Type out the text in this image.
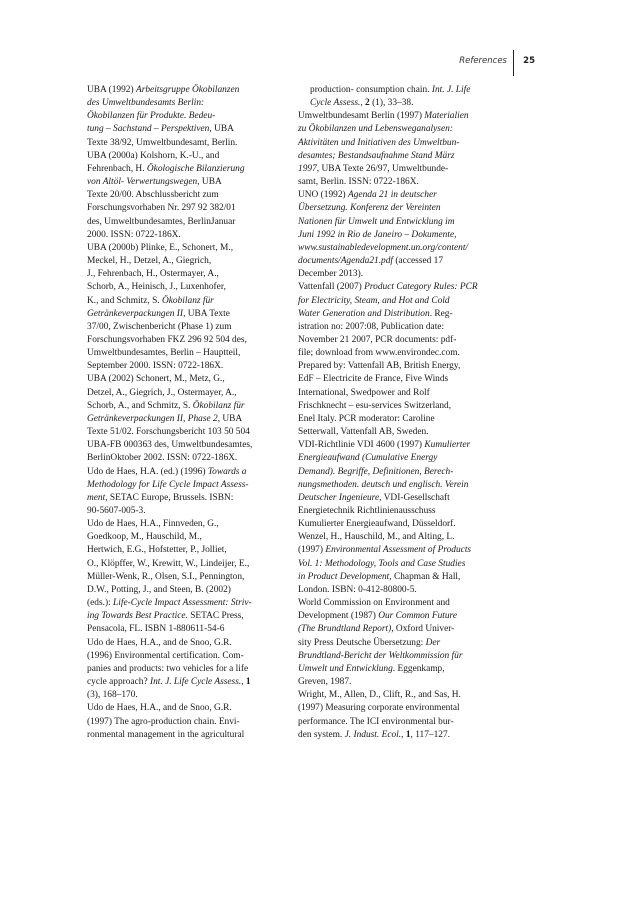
References 25

UBA (1992) Arbeitsgruppe Ökobilanzen
des Umweltbundesamts Berlin:
Ökobilanzen für Produkte. Bedeu-
tung – Sachstand – Perspektiven, UBA
Texte 38/92, Umweltbundesamt, Berlin.

UBA (2000a) Kolshorn, K.-U., and
Fehrenbach, H. Ökologische Bilanzierung
von Altöl- Verwertungswegen, UBA
Texte 20/00. Abschlussbericht zum
Forschungsvorhaben Nr. 297 92 382/01
des, Umweltbundesamtes, BerlinJanuar
2000. ISSN: 0722-186X.

UBA (2000b) Plinke, E., Schonert, M.,
Meckel, H., Detzel, A., Giegrich,
J., Fehrenbach, H., Ostermayer, A.,
Schorb, A., Heinisch, J., Luxenhofer,
K., and Schmitz, S. Ökobilanz für
Getränkeverpackungen II, UBA Texte
37/00, Zwischenbericht (Phase 1) zum
Forschungsvorhaben FKZ 296 92 504 des,
Umweltbundesamtes, Berlin – Hauptteil,
September 2000. ISSN: 0722-186X.

UBA (2002) Schonert, M., Metz, G.,
Detzel, A., Giegrich, J., Ostermayer, A.,
Schorb, A., and Schmitz, S. Ökobilanz für
Getränkeverpackungen II, Phase 2, UBA
Texte 51/02. Forschungsbericht 103 50 504
UBA-FB 000363 des, Umweltbundesamtes,
BerlinOktober 2002. ISSN: 0722-186X.

Udo de Haes, H.A. (ed.) (1996) Towards a
Methodology for Life Cycle Impact Assess-
ment, SETAC Europe, Brussels. ISBN:
90-5607-005-3.

Udo de Haes, H.A., Finnveden, G.,
Goedkoop, M., Hauschild, M.,
Hertwich, E.G., Hofstetter, P., Jolliet,
O., Klöpffer, W., Krewitt, W., Lindeijer, E.,
Müller-Wenk, R., Olsen, S.I., Pennington,
D.W., Potting, J., and Steen, B. (2002)
(eds.): Life-Cycle Impact Assessment: Striv-
ing Towards Best Practice. SETAC Press,
Pensacola, FL. ISBN 1-880611-54-6

Udo de Haes, H.A., and de Snoo, G.R.
(1996) Environmental certification. Com-
panies and products: two vehicles for a life
cycle approach? Int. J. Life Cycle Assess., 1
(3), 168–170.

Udo de Haes, H.A., and de Snoo, G.R.
(1997) The agro-production chain. Envi-
ronmental management in the agricultural

production- consumption chain. Int. J. Life
Cycle Assess., 2 (1), 33–38.

Umweltbundesamt Berlin (1997) Materialien
zu Ökobilanzen und Lebensweganalysen:
Aktivitäten und Initiativen des Umweltbun-
desamtes; Bestandsaufnahme Stand März
1997, UBA Texte 26/97, Umweltbunde-
samt, Berlin. ISSN: 0722-186X.

UNO (1992) Agenda 21 in deutscher
Übersetzung. Konferenz der Vereinten
Nationen für Umwelt und Entwicklung im
Juni 1992 in Rio de Janeiro – Dokumente,
www.sustainabledevelopment.un.org/content/
documents/Agenda21.pdf (accessed 17
December 2013).

Vattenfall (2007) Product Category Rules: PCR
for Electricity, Steam, and Hot and Cold
Water Generation and Distribution. Reg-
istration no: 2007:08, Publication date:
November 21 2007, PCR documents: pdf-
file; download from www.environdec.com.
Prepared by: Vattenfall AB, British Energy,
EdF – Electricite de France, Five Winds
International, Swedpower and Rolf
Frischknecht – esu-services Switzerland,
Enel Italy. PCR moderator: Caroline
Setterwall, Vattenfall AB, Sweden.

VDI-Richtlinie VDI 4600 (1997) Kumulierter
Energieaufwand (Cumulative Energy
Demand). Begriffe, Definitionen, Berech-
nungsmethoden. deutsch und englisch. Verein
Deutscher Ingenieure, VDI-Gesellschaft
Energietechnik Richtlinienausschuss
Kumulierter Energieaufwand, Düsseldorf.

Wenzel, H., Hauschild, M., and Alting, L.
(1997) Environmental Assessment of Products
Vol. 1: Methodology, Tools and Case Studies
in Product Development, Chapman & Hall,
London. ISBN: 0-412-80800-5.

World Commission on Environment and
Development (1987) Our Common Future
(The Brundtland Report), Oxford Univer-
sity Press Deutsche Übersetzung: Der
Brundtland-Bericht der Weltkommission für
Umwelt und Entwicklung. Eggenkamp,
Greven, 1987.

Wright, M., Allen, D., Clift, R., and Sas, H.
(1997) Measuring corporate environmental
performance. The ICI environmental bur-
den system. J. Indust. Ecol., 1, 117–127.
